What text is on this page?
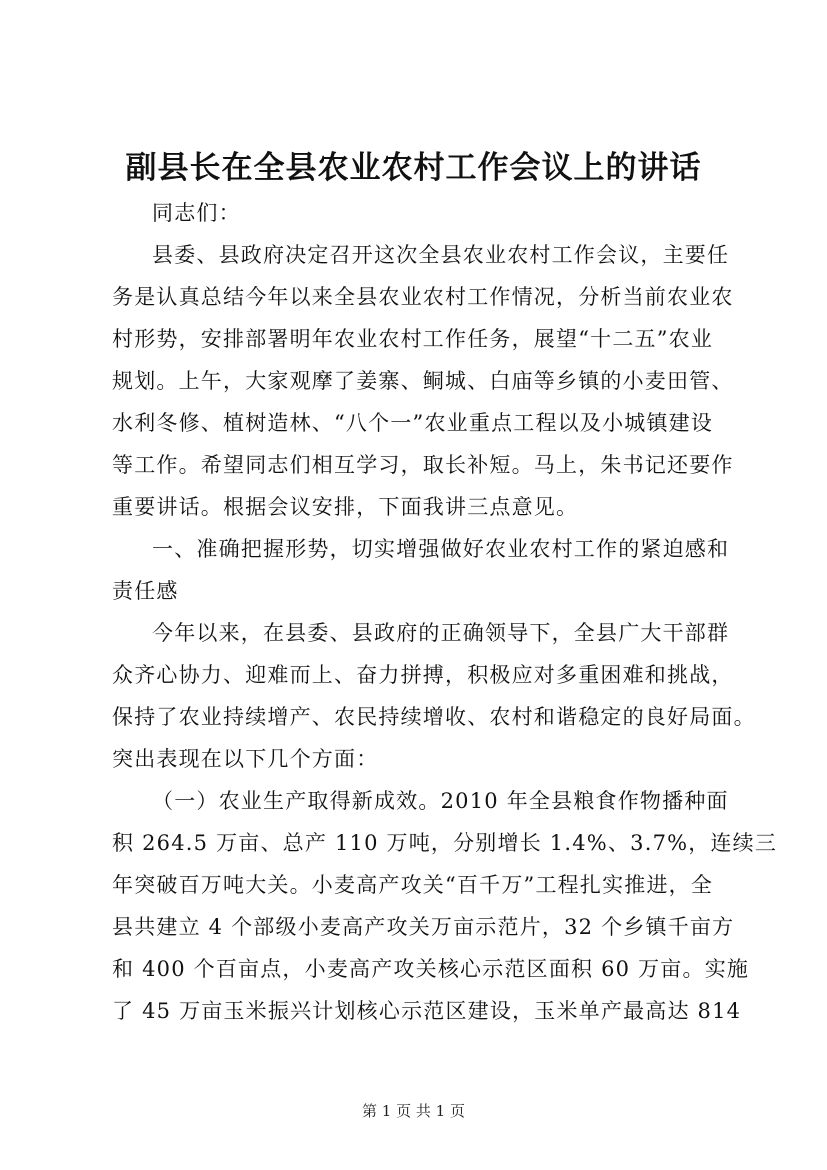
副县长在全县农业农村工作会议上的讲话
同志们：
县委、县政府决定召开这次全县农业农村工作会议，主要任
务是认真总结今年以来全县农业农村工作情况，分析当前农业农
村形势，安排部署明年农业农村工作任务，展望“十二五”农业
规划。上午，大家观摩了姜寨、鲖城、白庙等乡镇的小麦田管、
水利冬修、植树造林、“八个一”农业重点工程以及小城镇建设
等工作。希望同志们相互学习，取长补短。马上，朱书记还要作
重要讲话。根据会议安排，下面我讲三点意见。
一、准确把握形势，切实增强做好农业农村工作的紧迫感和
责任感
今年以来，在县委、县政府的正确领导下，全县广大干部群
众齐心协力、迎难而上、奋力拼搏，积极应对多重困难和挑战，
保持了农业持续增产、农民持续增收、农村和谐稳定的良好局面。
突出表现在以下几个方面：
（一）农业生产取得新成效。2010 年全县粮食作物播种面
积 264.5 万亩、总产 110 万吨，分别增长 1.4%、3.7%，连续三
年突破百万吨大关。小麦高产攻关“百千万”工程扎实推进，全
县共建立 4 个部级小麦高产攻关万亩示范片，32 个乡镇千亩方
和 400 个百亩点，小麦高产攻关核心示范区面积 60 万亩。实施
了 45 万亩玉米振兴计划核心示范区建设，玉米单产最高达 814
第 1 页 共 1 页
